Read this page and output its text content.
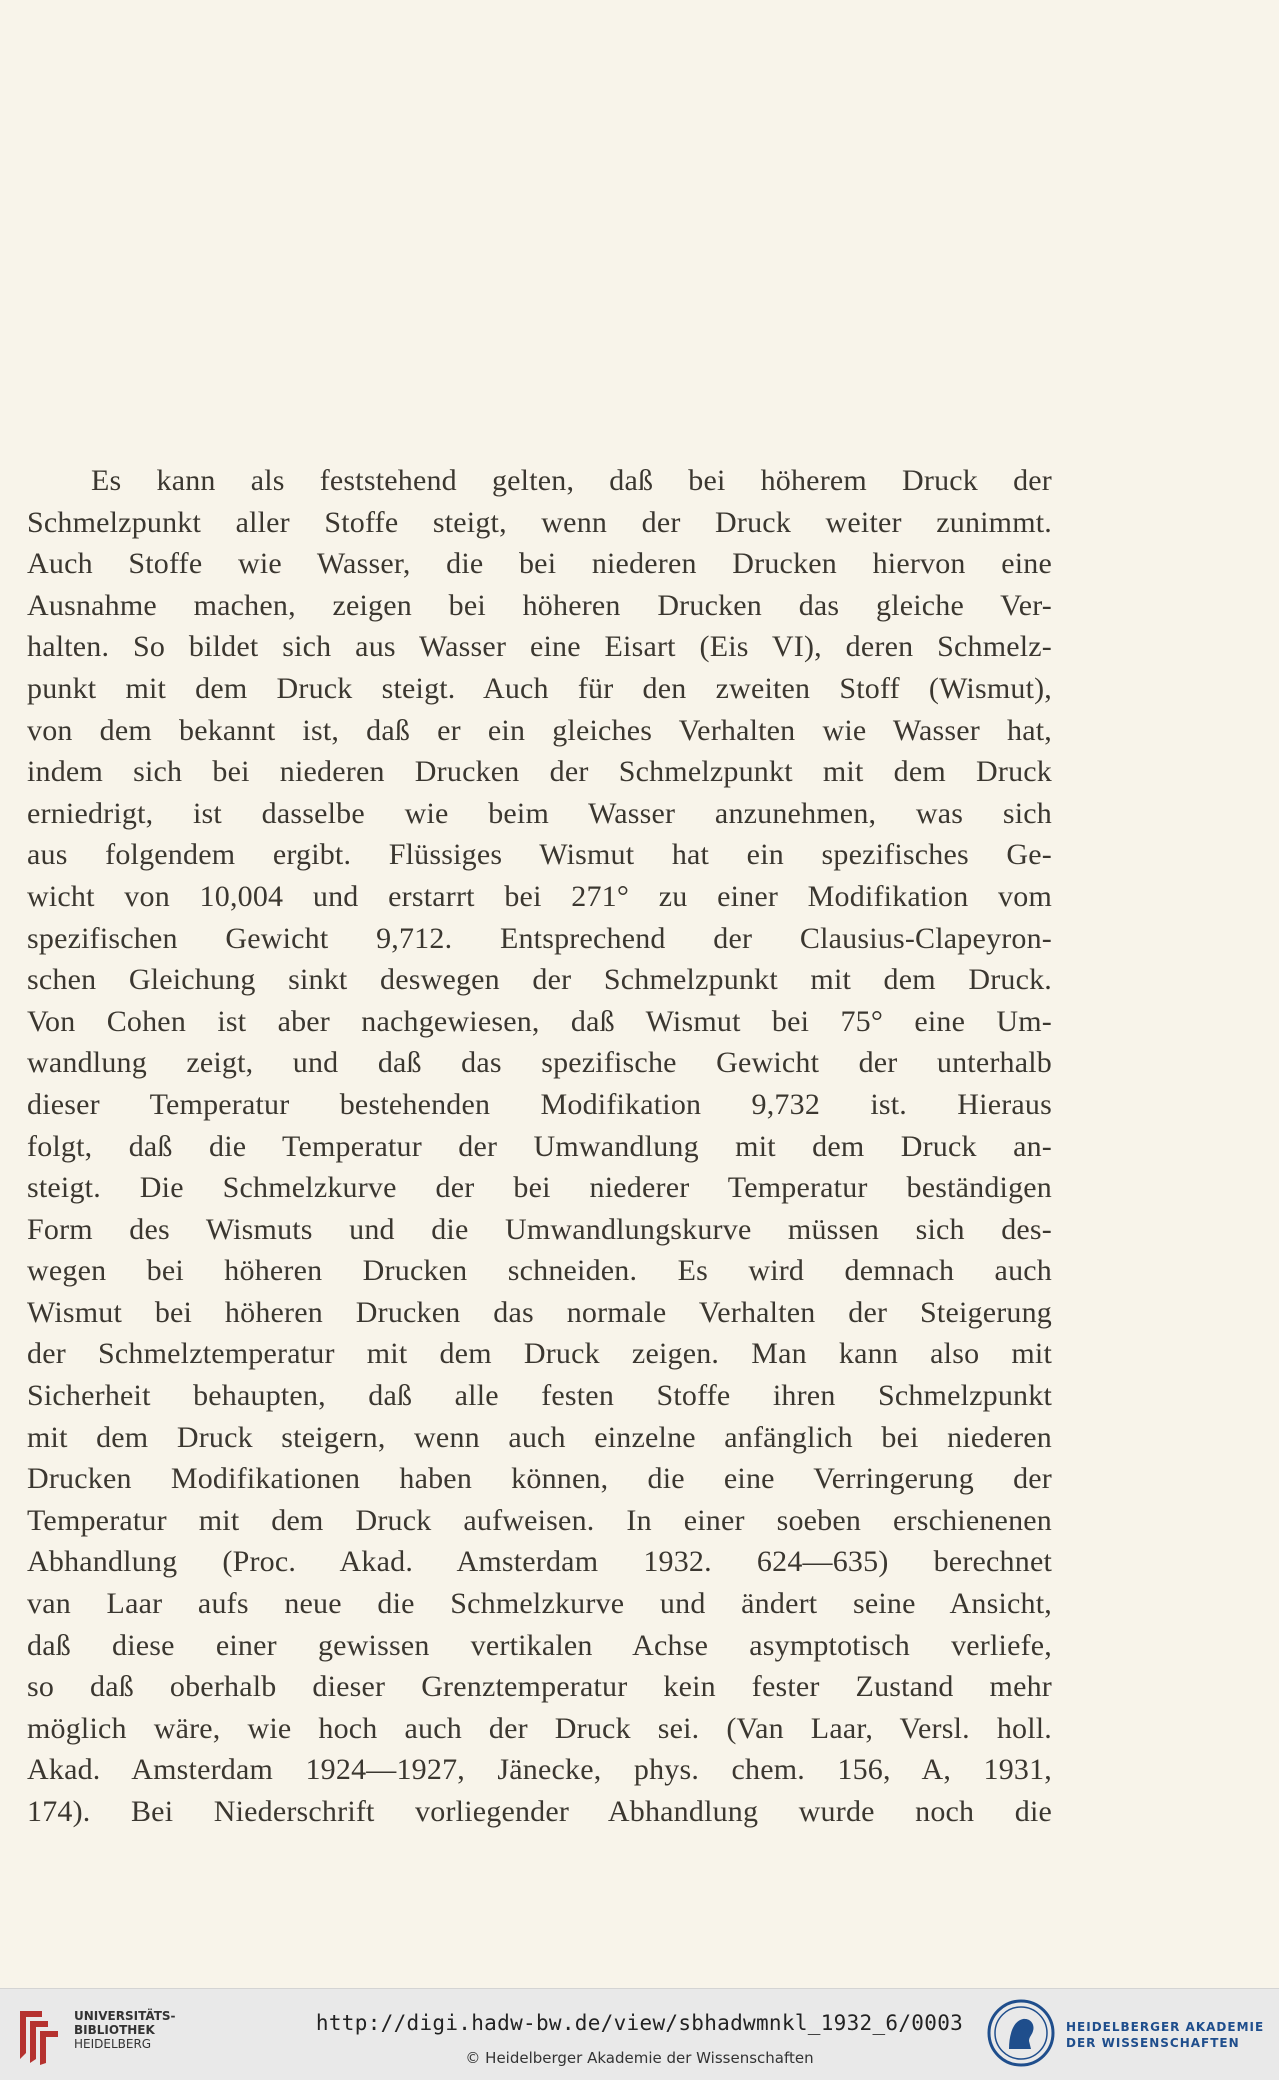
Es kann als feststehend gelten, daß bei höherem Druck der
Schmelzpunkt aller Stoffe steigt, wenn der Druck weiter zunimmt.
Auch Stoffe wie Wasser, die bei niederen Drucken hiervon eine
Ausnahme machen, zeigen bei höheren Drucken das gleiche Ver-
halten. So bildet sich aus Wasser eine Eisart (Eis VI), deren Schmelz-
punkt mit dem Druck steigt. Auch für den zweiten Stoff (Wismut),
von dem bekannt ist, daß er ein gleiches Verhalten wie Wasser hat,
indem sich bei niederen Drucken der Schmelzpunkt mit dem Druck
erniedrigt, ist dasselbe wie beim Wasser anzunehmen, was sich
aus folgendem ergibt. Flüssiges Wismut hat ein spezifisches Ge-
wicht von 10,004 und erstarrt bei 271° zu einer Modifikation vom
spezifischen Gewicht 9,712. Entsprechend der Clausius-Clapeyron-
schen Gleichung sinkt deswegen der Schmelzpunkt mit dem Druck.
Von Cohen ist aber nachgewiesen, daß Wismut bei 75° eine Um-
wandlung zeigt, und daß das spezifische Gewicht der unterhalb
dieser Temperatur bestehenden Modifikation 9,732 ist. Hieraus
folgt, daß die Temperatur der Umwandlung mit dem Druck an-
steigt. Die Schmelzkurve der bei niederer Temperatur beständigen
Form des Wismuts und die Umwandlungskurve müssen sich des-
wegen bei höheren Drucken schneiden. Es wird demnach auch
Wismut bei höheren Drucken das normale Verhalten der Steigerung
der Schmelztemperatur mit dem Druck zeigen. Man kann also mit
Sicherheit behaupten, daß alle festen Stoffe ihren Schmelzpunkt
mit dem Druck steigern, wenn auch einzelne anfänglich bei niederen
Drucken Modifikationen haben können, die eine Verringerung der
Temperatur mit dem Druck aufweisen. In einer soeben erschienenen
Abhandlung (Proc. Akad. Amsterdam 1932. 624—635) berechnet
van Laar aufs neue die Schmelzkurve und ändert seine Ansicht,
daß diese einer gewissen vertikalen Achse asymptotisch verliefe,
so daß oberhalb dieser Grenztemperatur kein fester Zustand mehr
möglich wäre, wie hoch auch der Druck sei. (Van Laar, Versl. holl.
Akad. Amsterdam 1924—1927, Jänecke, phys. chem. 156, A, 1931,
174). Bei Niederschrift vorliegender Abhandlung wurde noch die
UNIVERSITÄTS-
BIBLIOTHEK
HEIDELBERG
http://digi.hadw-bw.de/view/sbhadwmnkl_1932_6/0003
© Heidelberger Akademie der Wissenschaften
HEIDELBERGER AKADEMIE
DER WISSENSCHAFTEN
